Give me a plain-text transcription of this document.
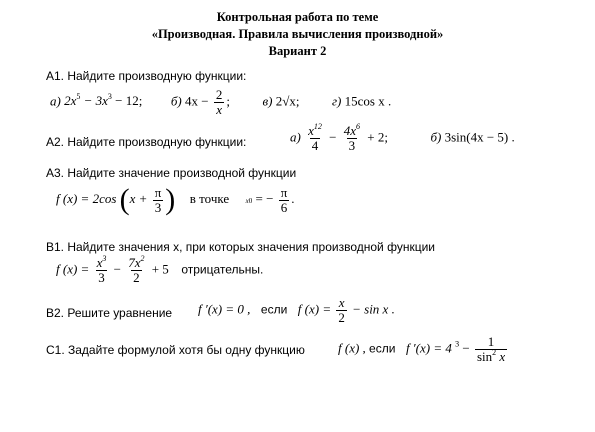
Контрольная работа по теме
«Производная. Правила вычисления производной»
Вариант 2
А1. Найдите производную функции:
а) $2x^5 - 3x^3 - 12$; б) $4x - \frac{2}{x}$ ;	в) 2√x;	г) 15cos x .
А2. Найдите производную функции:	$а) \frac{x^{12}}{4} - \frac{4x^6}{3} + 2$;	б) 3sin(4x − 5) .
А3. Найдите значение производной функции
f (x) = 2cos ($x + \frac{\pi}{3}$ ) в точке x0 = − $\frac{\pi}{6}$ .
В1. Найдите значения x, при которых значения производной функции
f $(x) = \frac{x^3}{3} - \frac{7x^2}{2} + 5$ отрицательны.
В2. Решите уравнение f ′(x) = 0 , если f $(x) = \frac{x}{2} - \sin x$ .
С1. Задайте формулой хотя бы одну функцию	f (x) , если f ′(x) = 4 $^3 - \frac{1}{\sin^2 x}$
